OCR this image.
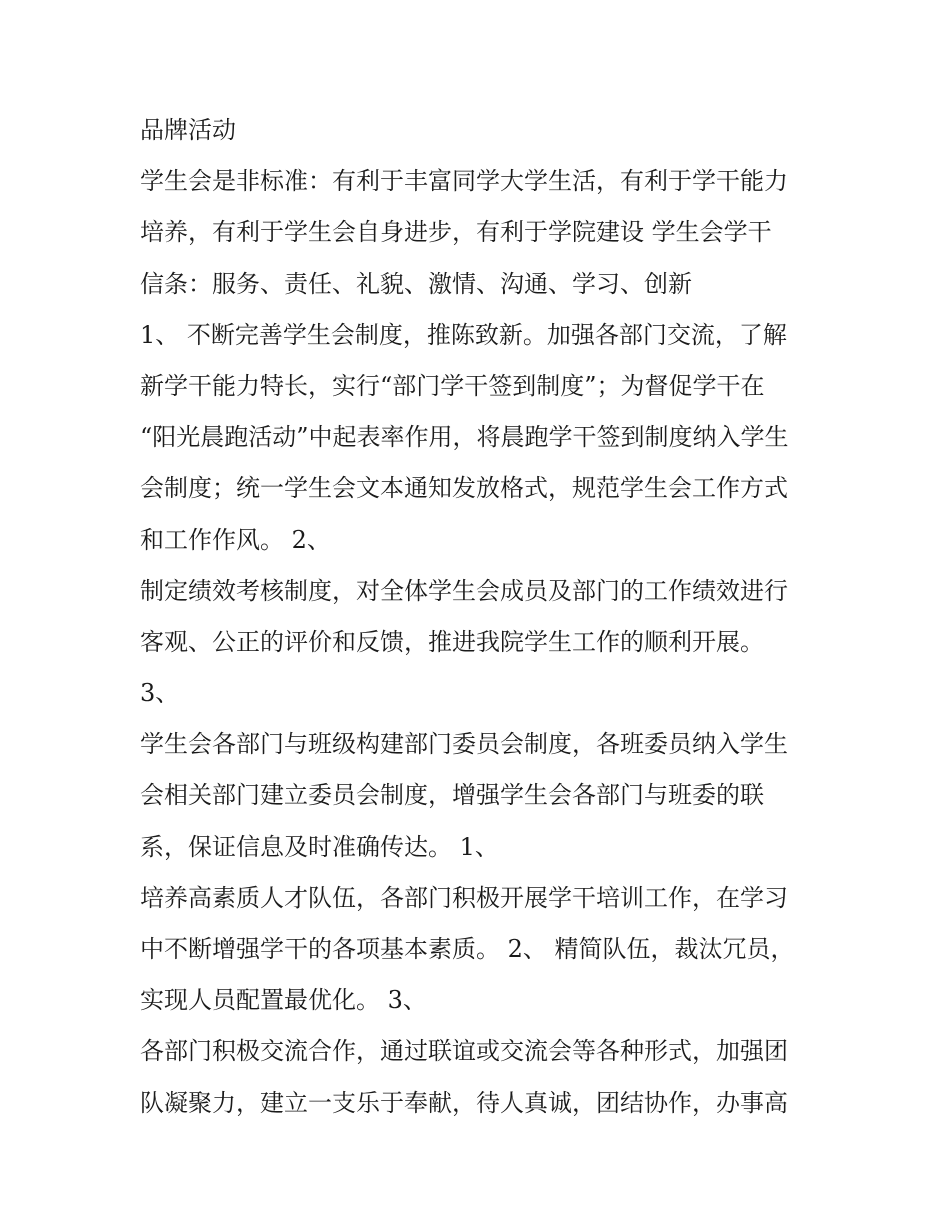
品牌活动
学生会是非标准：有利于丰富同学大学生活，有利于学干能力
培养，有利于学生会自身进步，有利于学院建设 学生会学干
信条：服务、责任、礼貌、激情、沟通、学习、创新
1、 不断完善学生会制度，推陈致新。加强各部门交流，了解
新学干能力特长，实行“部门学干签到制度”；为督促学干在
“阳光晨跑活动”中起表率作用，将晨跑学干签到制度纳入学生
会制度；统一学生会文本通知发放格式，规范学生会工作方式
和工作作风。 2、
制定绩效考核制度，对全体学生会成员及部门的工作绩效进行
客观、公正的评价和反馈，推进我院学生工作的顺利开展。
3、
学生会各部门与班级构建部门委员会制度，各班委员纳入学生
会相关部门建立委员会制度，增强学生会各部门与班委的联
系，保证信息及时准确传达。 1、
培养高素质人才队伍，各部门积极开展学干培训工作，在学习
中不断增强学干的各项基本素质。 2、 精简队伍，裁汰冗员，
实现人员配置最优化。 3、
各部门积极交流合作，通过联谊或交流会等各种形式，加强团
队凝聚力，建立一支乐于奉献，待人真诚，团结协作，办事高
